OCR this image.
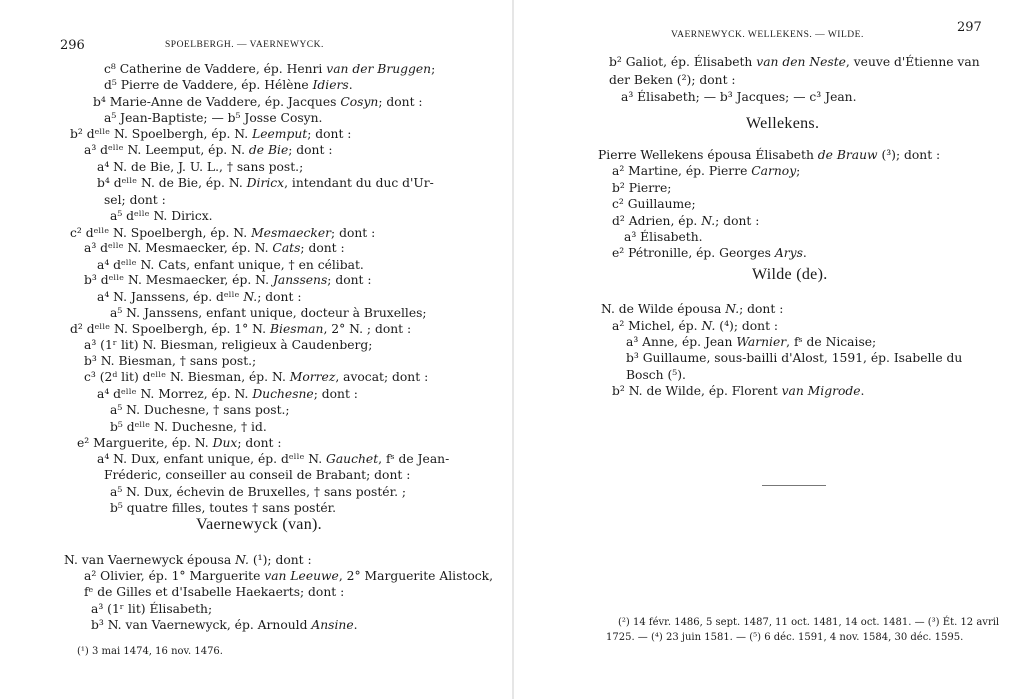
296	SPOELBERGH. — VAERNEWYCK.
c⁸ Catherine de Vaddere, ép. Henri van der Bruggen;
d⁵ Pierre de Vaddere, ép. Hélène Idiers.
b⁴ Marie-Anne de Vaddere, ép. Jacques Cosyn; dont :
a⁵ Jean-Baptiste; — b⁵ Josse Cosyn.
b² dᵉˡˡᵉ N. Spoelbergh, ép. N. Leemput; dont :
a³ dᵉˡˡᵉ N. Leemput, ép. N. de Bie; dont :
a⁴ N. de Bie, J. U. L., † sans post.;
b⁴ dᵉˡˡᵉ N. de Bie, ép. N. Diricx, intendant du duc d'Ur-
sel; dont :
a⁵ dᵉˡˡᵉ N. Diricx.
c² dᵉˡˡᵉ N. Spoelbergh, ép. N. Mesmaecker; dont :
a³ dᵉˡˡᵉ N. Mesmaecker, ép. N. Cats; dont :
a⁴ dᵉˡˡᵉ N. Cats, enfant unique, † en célibat.
b³ dᵉˡˡᵉ N. Mesmaecker, ép. N. Janssens; dont :
a⁴ N. Janssens, ép. dᵉˡˡᵉ N.; dont :
a⁵ N. Janssens, enfant unique, docteur à Bruxelles;
d² dᵉˡˡᵉ N. Spoelbergh, ép. 1° N. Biesman, 2° N. ; dont :
a³ (1ʳ lit) N. Biesman, religieux à Caudenberg;
b³ N. Biesman, † sans post.;
c³ (2ᵈ lit) dᵉˡˡᵉ N. Biesman, ép. N. Morrez, avocat; dont :
a⁴ dᵉˡˡᵉ N. Morrez, ép. N. Duchesne; dont :
a⁵ N. Duchesne, † sans post.;
b⁵ dᵉˡˡᵉ N. Duchesne, † id.
e² Marguerite, ép. N. Dux; dont :
a⁴ N. Dux, enfant unique, ép. dᵉˡˡᵉ N. Gauchet, fˢ de Jean-
Fréderic, conseiller au conseil de Brabant; dont :
a⁵ N. Dux, échevin de Bruxelles, † sans postér. ;
b⁵ quatre filles, toutes † sans postér.
Vaernewyck (van).
N. van Vaernewyck épousa N. (¹); dont :
a² Olivier, ép. 1° Marguerite van Leeuwe, 2° Marguerite Alistock,
fᵉ de Gilles et d'Isabelle Haekaerts; dont :
a³ (1ʳ lit) Élisabeth;
b³ N. van Vaernewyck, ép. Arnould Ansine.
(¹) 3 mai 1474, 16 nov. 1476.
VAERNEWYCK. WELLEKENS. — WILDE.	297
b² Galiot, ép. Élisabeth van den Neste, veuve d'Étienne van
der Beken (²); dont :
a³ Élisabeth; — b³ Jacques; — c³ Jean.
Wellekens.
Pierre Wellekens épousa Élisabeth de Brauw (³); dont :
a² Martine, ép. Pierre Carnoy;
b² Pierre;
c² Guillaume;
d² Adrien, ép. N.; dont :
a³ Élisabeth.
e² Pétronille, ép. Georges Arys.
Wilde (de).
N. de Wilde épousa N.; dont :
a² Michel, ép. N. (⁴); dont :
a³ Anne, ép. Jean Warnier, fˢ de Nicaise;
b³ Guillaume, sous-bailli d'Alost, 1591, ép. Isabelle du
Bosch (⁵).
b² N. de Wilde, ép. Florent van Migrode.
(²) 14 févr. 1486, 5 sept. 1487, 11 oct. 1481, 14 oct. 1481. — (³) Ét. 12 avril
1725. — (⁴) 23 juin 1581. — (⁵) 6 déc. 1591, 4 nov. 1584, 30 déc. 1595.
